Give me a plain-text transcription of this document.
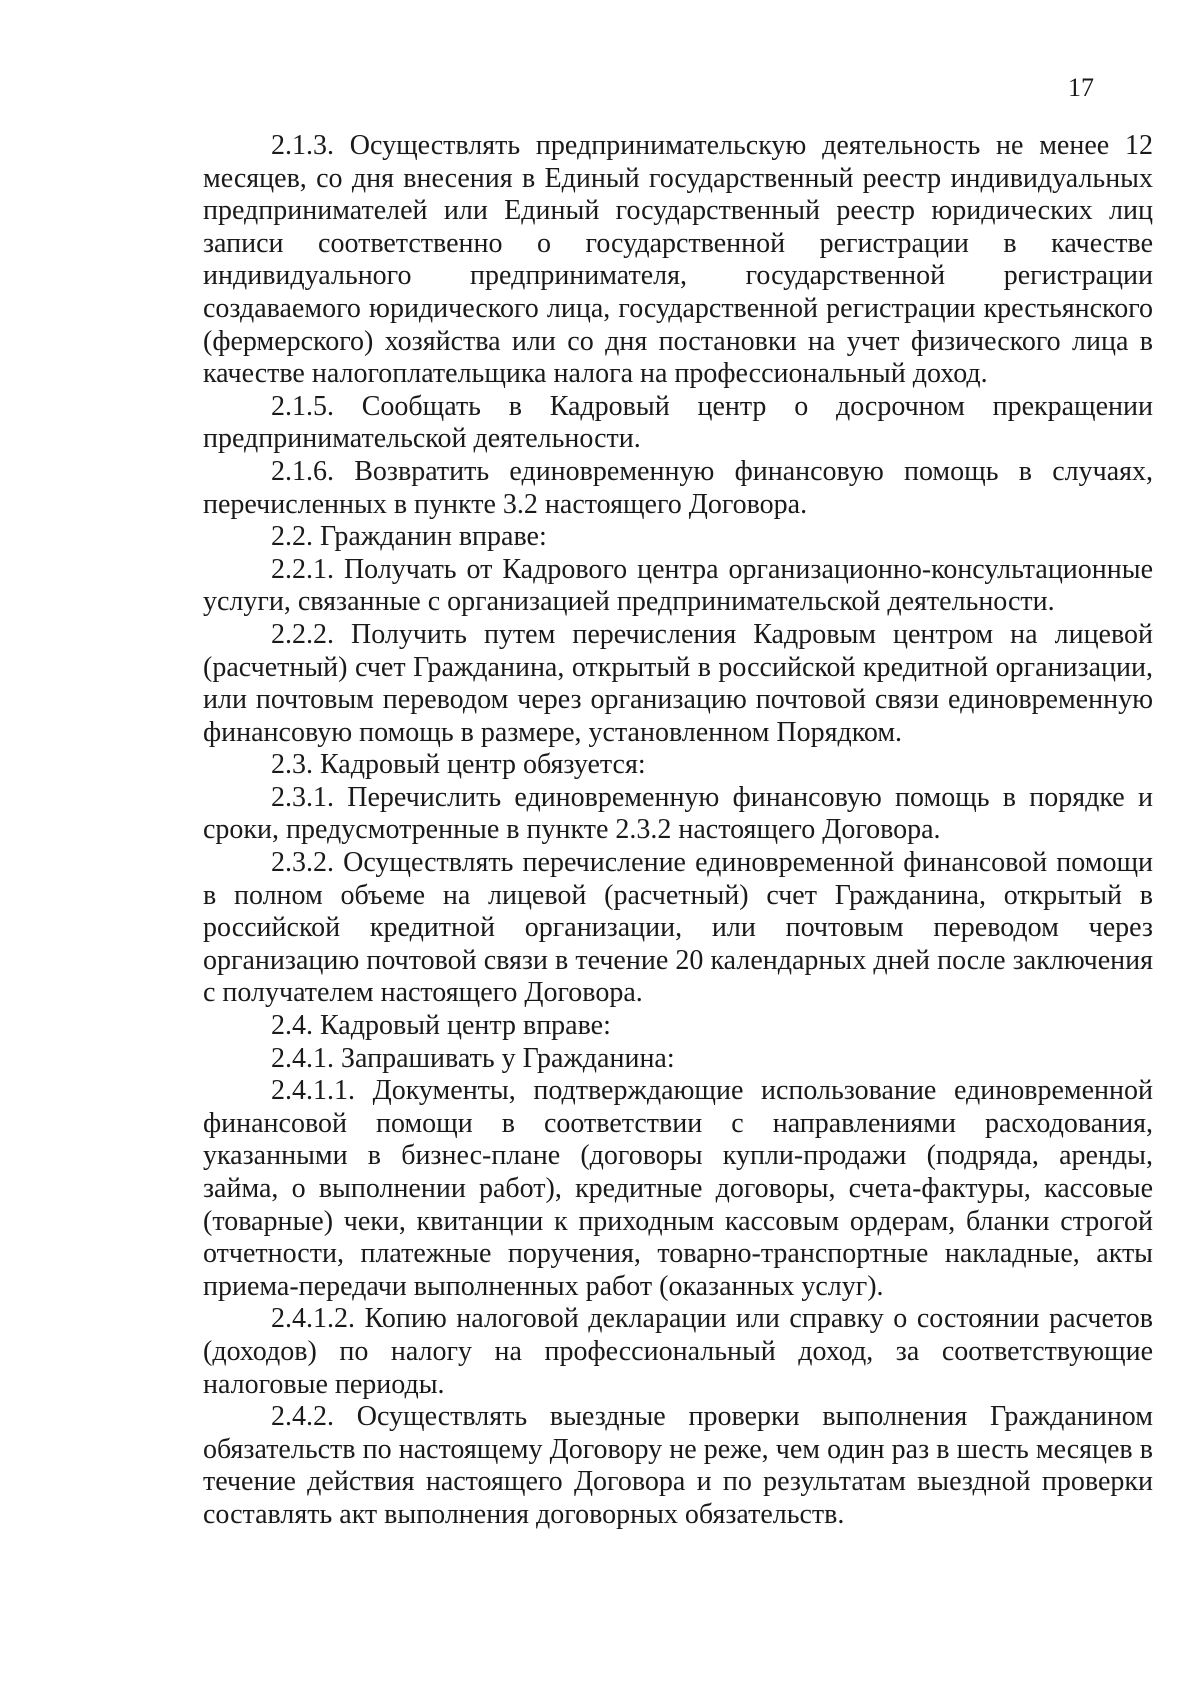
17

2.1.3. Осуществлять предпринимательскую деятельность не менее 12 месяцев, со дня внесения в Единый государственный реестр индивидуальных предпринимателей или Единый государственный реестр юридических лиц записи соответственно о государственной регистрации в качестве индивидуального предпринимателя, государственной регистрации создаваемого юридического лица, государственной регистрации крестьянского (фермерского) хозяйства или со дня постановки на учет физического лица в качестве налогоплательщика налога на профессиональный доход.

2.1.5. Сообщать в Кадровый центр о досрочном прекращении предпринимательской деятельности.

2.1.6. Возвратить единовременную финансовую помощь в случаях, перечисленных в пункте 3.2 настоящего Договора.

2.2. Гражданин вправе:

2.2.1. Получать от Кадрового центра организационно-консультационные услуги, связанные с организацией предпринимательской деятельности.

2.2.2. Получить путем перечисления Кадровым центром на лицевой (расчетный) счет Гражданина, открытый в российской кредитной организации, или почтовым переводом через организацию почтовой связи единовременную финансовую помощь в размере, установленном Порядком.

2.3. Кадровый центр обязуется:

2.3.1. Перечислить единовременную финансовую помощь в порядке и сроки, предусмотренные в пункте 2.3.2 настоящего Договора.

2.3.2. Осуществлять перечисление единовременной финансовой помощи в полном объеме на лицевой (расчетный) счет Гражданина, открытый в российской кредитной организации, или почтовым переводом через организацию почтовой связи в течение 20 календарных дней после заключения с получателем настоящего Договора.

2.4. Кадровый центр вправе:

2.4.1. Запрашивать у Гражданина:

2.4.1.1. Документы, подтверждающие использование единовременной финансовой помощи в соответствии с направлениями расходования, указанными в бизнес-плане (договоры купли-продажи (подряда, аренды, займа, о выполнении работ), кредитные договоры, счета-фактуры, кассовые (товарные) чеки, квитанции к приходным кассовым ордерам, бланки строгой отчетности, платежные поручения, товарно-транспортные накладные, акты приема-передачи выполненных работ (оказанных услуг).

2.4.1.2. Копию налоговой декларации или справку о состоянии расчетов (доходов) по налогу на профессиональный доход, за соответствующие налоговые периоды.

2.4.2. Осуществлять выездные проверки выполнения Гражданином обязательств по настоящему Договору не реже, чем один раз в шесть месяцев в течение действия настоящего Договора и по результатам выездной проверки составлять акт выполнения договорных обязательств.
